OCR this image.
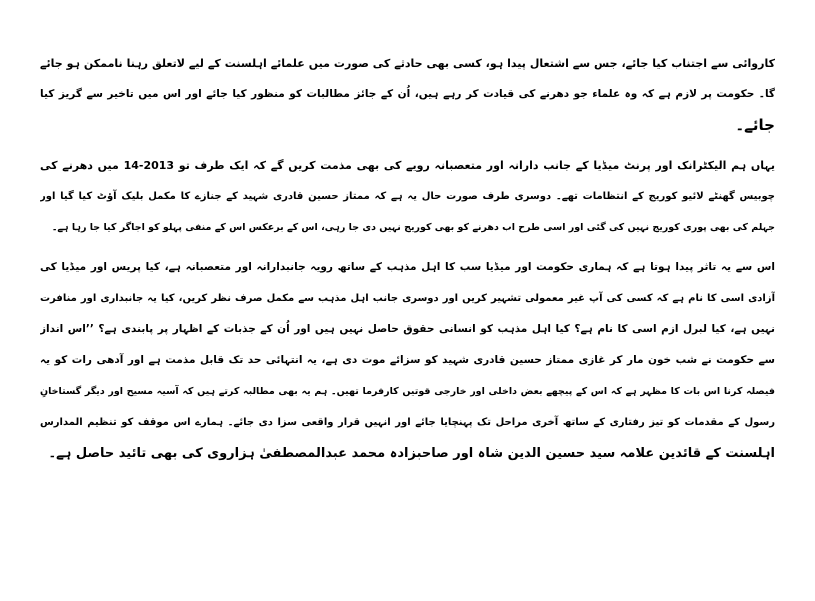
کاروائی سے اجتناب کیا جائے، جس سے اشتعال پیدا ہو، کسی بھی حادثے کی صورت میں علمائے اہلسنت کے لیے لاتعلق رہنا ناممکن ہو جائے
گا۔ حکومت پر لازم ہے کہ وہ علماء جو دھرنے کی قیادت کر رہے ہیں، اُن کے جائز مطالبات کو منظور کیا جائے اور اس میں تاخیر سے گریز کیا
جائے۔
یہاں ہم الیکٹرانک اور پرنٹ میڈیا کے جانب دارانہ اور متعصبانہ رویے کی بھی مذمت کریں گے کہ ایک طرف تو 2013-14 میں دھرنے کی
چوبیس گھنٹے لائیو کوریج کے انتظامات تھے۔ دوسری طرف صورت حال یہ ہے کہ ممتاز حسین قادری شہید کے جنازے کا مکمل بلیک آؤٹ کیا گیا اور
جہلم کی بھی پوری کوریج نہیں کی گئی اور اسی طرح اب دھرنے کو بھی کوریج نہیں دی جا رہی، اس کے برعکس اس کے منفی پہلو کو اجاگر کیا جا رہا ہے۔
اس سے یہ تاثر پیدا ہوتا ہے کہ ہماری حکومت اور میڈیا سب کا اہل مذہب کے ساتھ رویہ جانبدارانہ اور متعصبانہ ہے، کیا پریس اور میڈیا کی
آزادی اسی کا نام ہے کہ کسی کی آپ غیر معمولی تشہیر کریں اور دوسری جانب اہل مذہب سے مکمل صرف نظر کریں، کیا یہ جانبداری اور منافرت
نہیں ہے، کیا لبرل ازم اسی کا نام ہے؟ کیا اہل مذہب کو انسانی حقوق حاصل نہیں ہیں اور اُن کے جذبات کے اظہار پر پابندی ہے؟ ’’اس انداز
سے حکومت نے شب خون مار کر غازی ممتاز حسین قادری شہید کو سزائے موت دی ہے، یہ انتہائی حد تک قابل مذمت ہے اور آدھی رات کو یہ
فیصلہ کرنا اس بات کا مظہر ہے کہ اس کے پیچھے بعض داخلی اور خارجی قوتیں کارفرما تھیں۔ ہم یہ بھی مطالبہ کرتے ہیں کہ آسیہ مسیح اور دیگر گستاخانِ
رسول کے مقدمات کو تیز رفتاری کے ساتھ آخری مراحل تک پہنچایا جائے اور انہیں قرار واقعی سزا دی جائے۔ ہمارے اس موقف کو تنظیم المدارس
اہلسنت کے قائدین علامہ سید حسین الدین شاہ اور صاحبزادہ محمد عبدالمصطفیٰ ہزاروی کی بھی تائید حاصل ہے۔
